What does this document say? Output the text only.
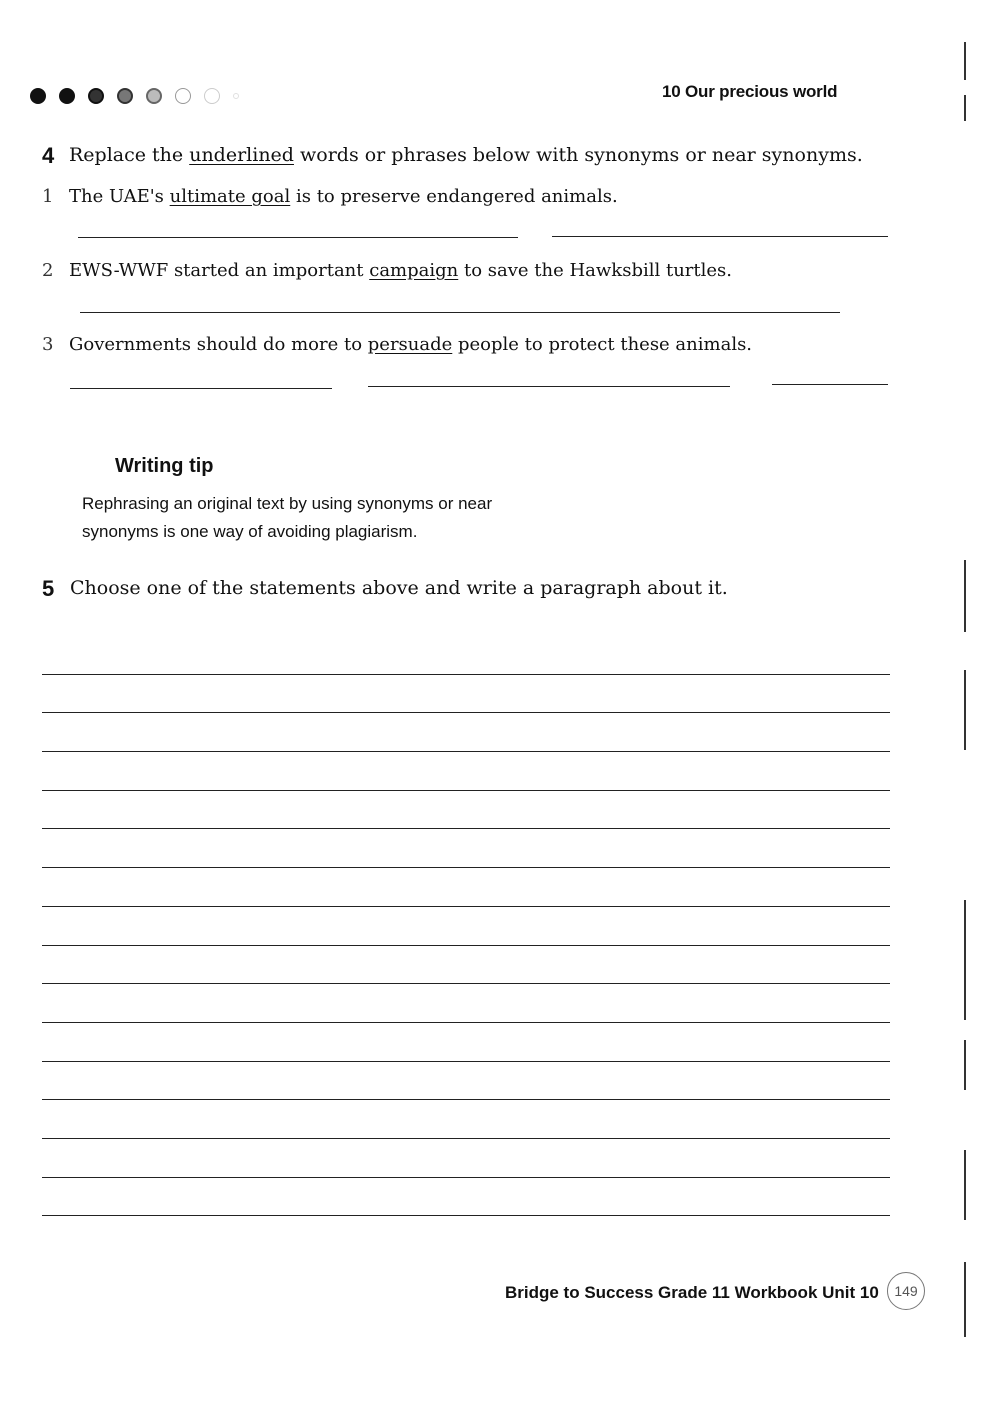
10 Our precious world
4 Replace the underlined words or phrases below with synonyms or near synonyms.
1 The UAE's ultimate goal is to preserve endangered animals.
2 EWS-WWF started an important campaign to save the Hawksbill turtles.
3 Governments should do more to persuade people to protect these animals.
Writing tip
Rephrasing an original text by using synonyms or near synonyms is one way of avoiding plagiarism.
5 Choose one of the statements above and write a paragraph about it.
Bridge to Success Grade 11 Workbook Unit 10	149
